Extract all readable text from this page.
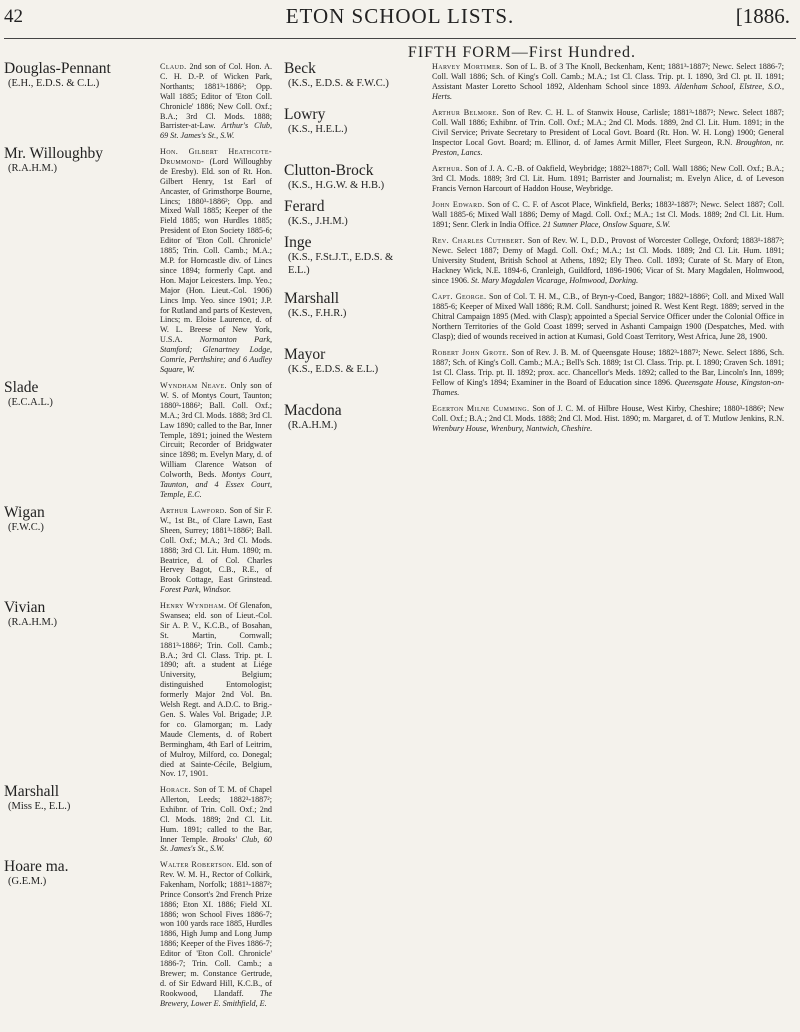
42	ETON SCHOOL LISTS.	[1886.
FIFTH FORM—First Hundred.
Douglas-Pennant
(E.H., E.D.S. & C.L.)
Mr. Willoughby
(R.A.H.M.)
Slade
(E.C.A.L.)
Wigan
(F.W.C.)
Vivian
(R.A.H.M.)
Marshall
(Miss E., E.L.)
Hoare ma.
(G.E.M.)
Claud. 2nd son of Col. Hon. A. C. H. D.-P. of Wicken Park, Northants; 1881³-1886²; Opp. Wall 1885; Editor of 'Eton Coll. Chronicle' 1886; New Coll. Oxf.; B.A.; 3rd Cl. Mods. 1888; Barrister-at-Law. Arthur's Club, 69 St. James's St., S.W.
Hon. Gilbert Heathcote-Drummond- (Lord Willoughby de Eresby). Eld. son of Rt. Hon. Gilbert Henry, 1st Earl of Ancaster, of Grimsthorpe Bourne, Lincs; 1880³-1886²; Opp. and Mixed Wall 1885; Keeper of the Field 1885; won Hurdles 1885; President of Eton Society 1885-6; Editor of 'Eton Coll. Chronicle' 1885; Trin. Coll. Camb.; M.A.; M.P. for Horncastle div. of Lincs since 1894; formerly Capt. and Hon. Major Leicesters. Imp. Yeo.; Major (Hon. Lieut.-Col. 1906) Lincs Imp. Yeo. since 1901; J.P. for Rutland and parts of Kesteven, Lincs; m. Eloise Laurence, d. of W. L. Breese of New York, U.S.A. Normanton Park, Stamford; Glenartney Lodge, Comrie, Perthshire; and 6 Audley Square, W.
Wyndham Neave. Only son of W. S. of Montys Court, Taunton; 1880³-1886²; Ball. Coll. Oxf.; M.A.; 3rd Cl. Mods. 1888; 3rd Cl. Law 1890; called to the Bar, Inner Temple, 1891; joined the Western Circuit; Recorder of Bridgwater since 1898; m. Evelyn Mary, d. of William Clarence Watson of Colworth, Beds. Montys Court, Taunton, and 4 Essex Court, Temple, E.C.
Arthur Lawford. Son of Sir F. W., 1st Bt., of Clare Lawn, East Sheen, Surrey; 1881³-1886²; Ball. Coll. Oxf.; M.A.; 3rd Cl. Mods. 1888; 3rd Cl. Lit. Hum. 1890; m. Beatrice, d. of Col. Charles Hervey Bagot, C.B., R.E., of Brook Cottage, East Grinstead. Forest Park, Windsor.
Henry Wyndham. Of Glenafon, Swansea; eld. son of Lieut.-Col. Sir A. P. V., K.C.B., of Bosahan, St. Martin, Cornwall; 1881³-1886²; Trin. Coll. Camb.; B.A.; 3rd Cl. Class. Trip. pt. I. 1890; aft. a student at Liége University, Belgium; distinguished Entomologist; formerly Major 2nd Vol. Bn. Welsh Regt. and A.D.C. to Brig.-Gen. S. Wales Vol. Brigade; J.P. for co. Glamorgan; m. Lady Maude Clements, d. of Robert Bermingham, 4th Earl of Leitrim, of Mulroy, Milford, co. Donegal; died at Sainte-Cécile, Belgium, Nov. 17, 1901.
Horace. Son of T. M. of Chapel Allerton, Leeds; 1882³-1887²; Exhibnr. of Trin. Coll. Oxf.; 2nd Cl. Mods. 1889; 2nd Cl. Lit. Hum. 1891; called to the Bar, Inner Temple. Brooks' Club, 60 St. James's St., S.W.
Walter Robertson. Eld. son of Rev. W. M. H., Rector of Colkirk, Fakenham, Norfolk; 1881³-1887²; Prince Consort's 2nd French Prize 1886; Eton XI. 1886; Field XI. 1886; won School Fives 1886-7; won 100 yards race 1885, Hurdles 1886, High Jump and Long Jump 1886; Keeper of the Fives 1886-7; Editor of 'Eton Coll. Chronicle' 1886-7; Trin. Coll. Camb.; a Brewer; m. Constance Gertrude, d. of Sir Edward Hill, K.C.B., of Rookwood, Llandaff. The Brewery, Lower E. Smithfield, E.
Beck
(K.S., E.D.S. & F.W.C.)
Lowry
(K.S., H.E.L.)
Clutton-Brock
(K.S., H.G.W. & H.B.)
Ferard
(K.S., J.H.M.)
Inge
(K.S., F.St.J.T., E.D.S. & E.L.)
Marshall
(K.S., F.H.R.)
Mayor
(K.S., E.D.S. & E.L.)
Macdona
(R.A.H.M.)
Harvey Mortimer. Son of L. B. of 3 The Knoll, Beckenham, Kent; 1881³-1887²; Newc. Select 1886-7; Coll. Wall 1886; Sch. of King's Coll. Camb.; M.A.; 1st Cl. Class. Trip. pt. I. 1890, 3rd Cl. pt. II. 1891; Assistant Master Loretto School 1892, Aldenham School since 1893. Aldenham School, Elstree, S.O., Herts.
Arthur Belmore. Son of Rev. C. H. L. of Stanwix House, Carlisle; 1881³-1887²; Newc. Select 1887; Coll. Wall 1886; Exhibnr. of Trin. Coll. Oxf.; M.A.; 2nd Cl. Mods. 1889, 2nd Cl. Lit. Hum. 1891; in the Civil Service; Private Secretary to President of Local Govt. Board (Rt. Hon. W. H. Long) 1900; General Inspector Local Govt. Board; m. Ellinor, d. of James Armit Miller, Fleet Surgeon, R.N. Broughton, nr. Preston, Lancs.
Arthur. Son of J. A. C.-B. of Oakfield, Weybridge; 1882³-1887¹; Coll. Wall 1886; New Coll. Oxf.; B.A.; 3rd Cl. Mods. 1889; 3rd Cl. Lit. Hum. 1891; Barrister and Journalist; m. Evelyn Alice, d. of Leveson Francis Vernon Harcourt of Haddon House, Weybridge.
John Edward. Son of C. C. F. of Ascot Place, Winkfield, Berks; 1883²-1887²; Newc. Select 1887; Coll. Wall 1885-6; Mixed Wall 1886; Demy of Magd. Coll. Oxf.; M.A.; 1st Cl. Mods. 1889; 2nd Cl. Lit. Hum. 1891; Senr. Clerk in India Office. 21 Sumner Place, Onslow Square, S.W.
Rev. Charles Cuthbert. Son of Rev. W. I., D.D., Provost of Worcester College, Oxford; 1883¹-1887²; Newc. Select 1887; Demy of Magd. Coll. Oxf.; M.A.; 1st Cl. Mods. 1889; 2nd Cl. Lit. Hum. 1891; University Student, British School at Athens, 1892; Ely Theo. Coll. 1893; Curate of St. Mary of Eton, Hackney Wick, N.E. 1894-6, Cranleigh, Guildford, 1896-1906; Vicar of St. Mary Magdalen, Holmwood, since 1906. St. Mary Magdalen Vicarage, Holmwood, Dorking.
Capt. George. Son of Col. T. H. M., C.B., of Bryn-y-Coed, Bangor; 1882³-1886²; Coll. and Mixed Wall 1885-6; Keeper of Mixed Wall 1886; R.M. Coll. Sandhurst; joined R. West Kent Regt. 1889; served in the Chitral Campaign 1895 (Med. with Clasp); appointed a Special Service Officer under the Colonial Office in Northern Territories of the Gold Coast 1899; served in Ashanti Campaign 1900 (Despatches, Med. with Clasp); died of wounds received in action at Kumasi, Gold Coast Territory, West Africa, June 28, 1900.
Robert John Grote. Son of Rev. J. B. M. of Queensgate House; 1882³-1887²; Newc. Select 1886, Sch. 1887; Sch. of King's Coll. Camb.; M.A.; Bell's Sch. 1889; 1st Cl. Class. Trip. pt. I. 1890; Craven Sch. 1891; 1st Cl. Class. Trip. pt. II. 1892; prox. acc. Chancellor's Meds. 1892; called to the Bar, Lincoln's Inn, 1899; Fellow of King's 1894; Examiner in the Board of Education since 1896. Queensgate House, Kingston-on-Thames.
Egerton Milne Cumming. Son of J. C. M. of Hilbre House, West Kirby, Cheshire; 1880³-1886²; New Coll. Oxf.; B.A.; 2nd Cl. Mods. 1888; 2nd Cl. Mod. Hist. 1890; m. Margaret, d. of T. Mutlow Jenkins, R.N. Wrenbury House, Wrenbury, Nantwich, Cheshire.
